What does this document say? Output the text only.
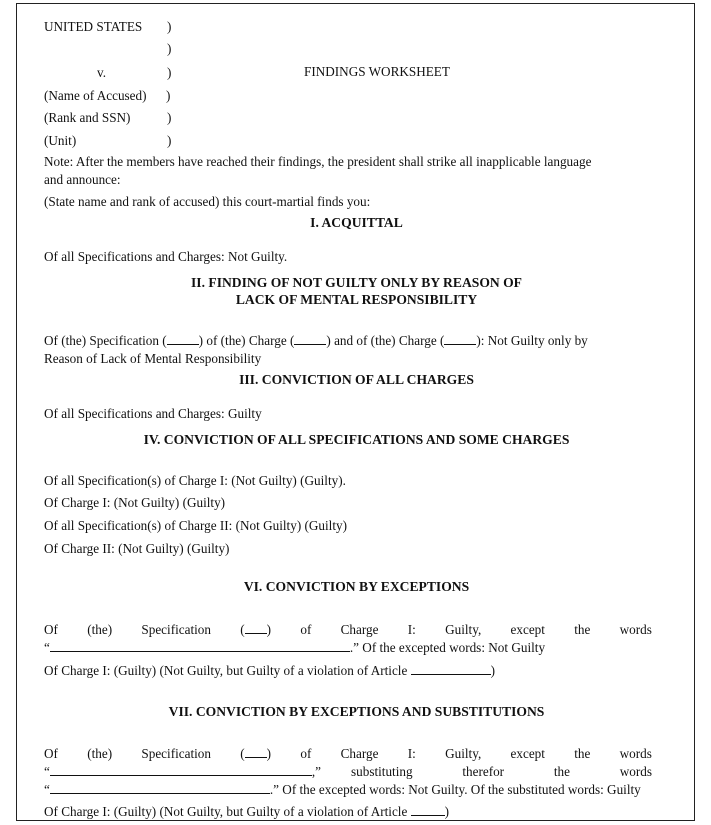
UNITED STATES )
)
v.	)	FINDINGS WORKSHEET
(Name of Accused) )
(Rank and SSN)	)
(Unit)	)
Note: After the members have reached their findings, the president shall strike all inapplicable language
and announce:
(State name and rank of accused) this court-martial finds you:
I. ACQUITTAL
Of all Specifications and Charges: Not Guilty.
II. FINDING OF NOT GUILTY ONLY BY REASON OF
LACK OF MENTAL RESPONSIBILITY
Of (the) Specification ( ) of (the) Charge ( ) and of (the) Charge ( ): Not Guilty only by
Reason of Lack of Mental Responsibility
III. CONVICTION OF ALL CHARGES
Of all Specifications and Charges: Guilty
IV. CONVICTION OF ALL SPECIFICATIONS AND SOME CHARGES
Of all Specification(s) of Charge I: (Not Guilty) (Guilty).
Of Charge I: (Not Guilty) (Guilty)
Of all Specification(s) of Charge II: (Not Guilty) (Guilty)
Of Charge II: (Not Guilty) (Guilty)
VI. CONVICTION BY EXCEPTIONS
Of (the) Specification ( ) of Charge I: Guilty, except the words
“	.” Of the excepted words: Not Guilty
Of Charge I: (Guilty) (Not Guilty, but Guilty of a violation of Article	)
VII. CONVICTION BY EXCEPTIONS AND SUBSTITUTIONS
Of (the) Specification ( ) of Charge I: Guilty, except the words
“	,” substituting	therefor	the	words
“	.” Of the excepted words: Not Guilty. Of the substituted words: Guilty
Of Charge I: (Guilty) (Not Guilty, but Guilty of a violation of Article	)
